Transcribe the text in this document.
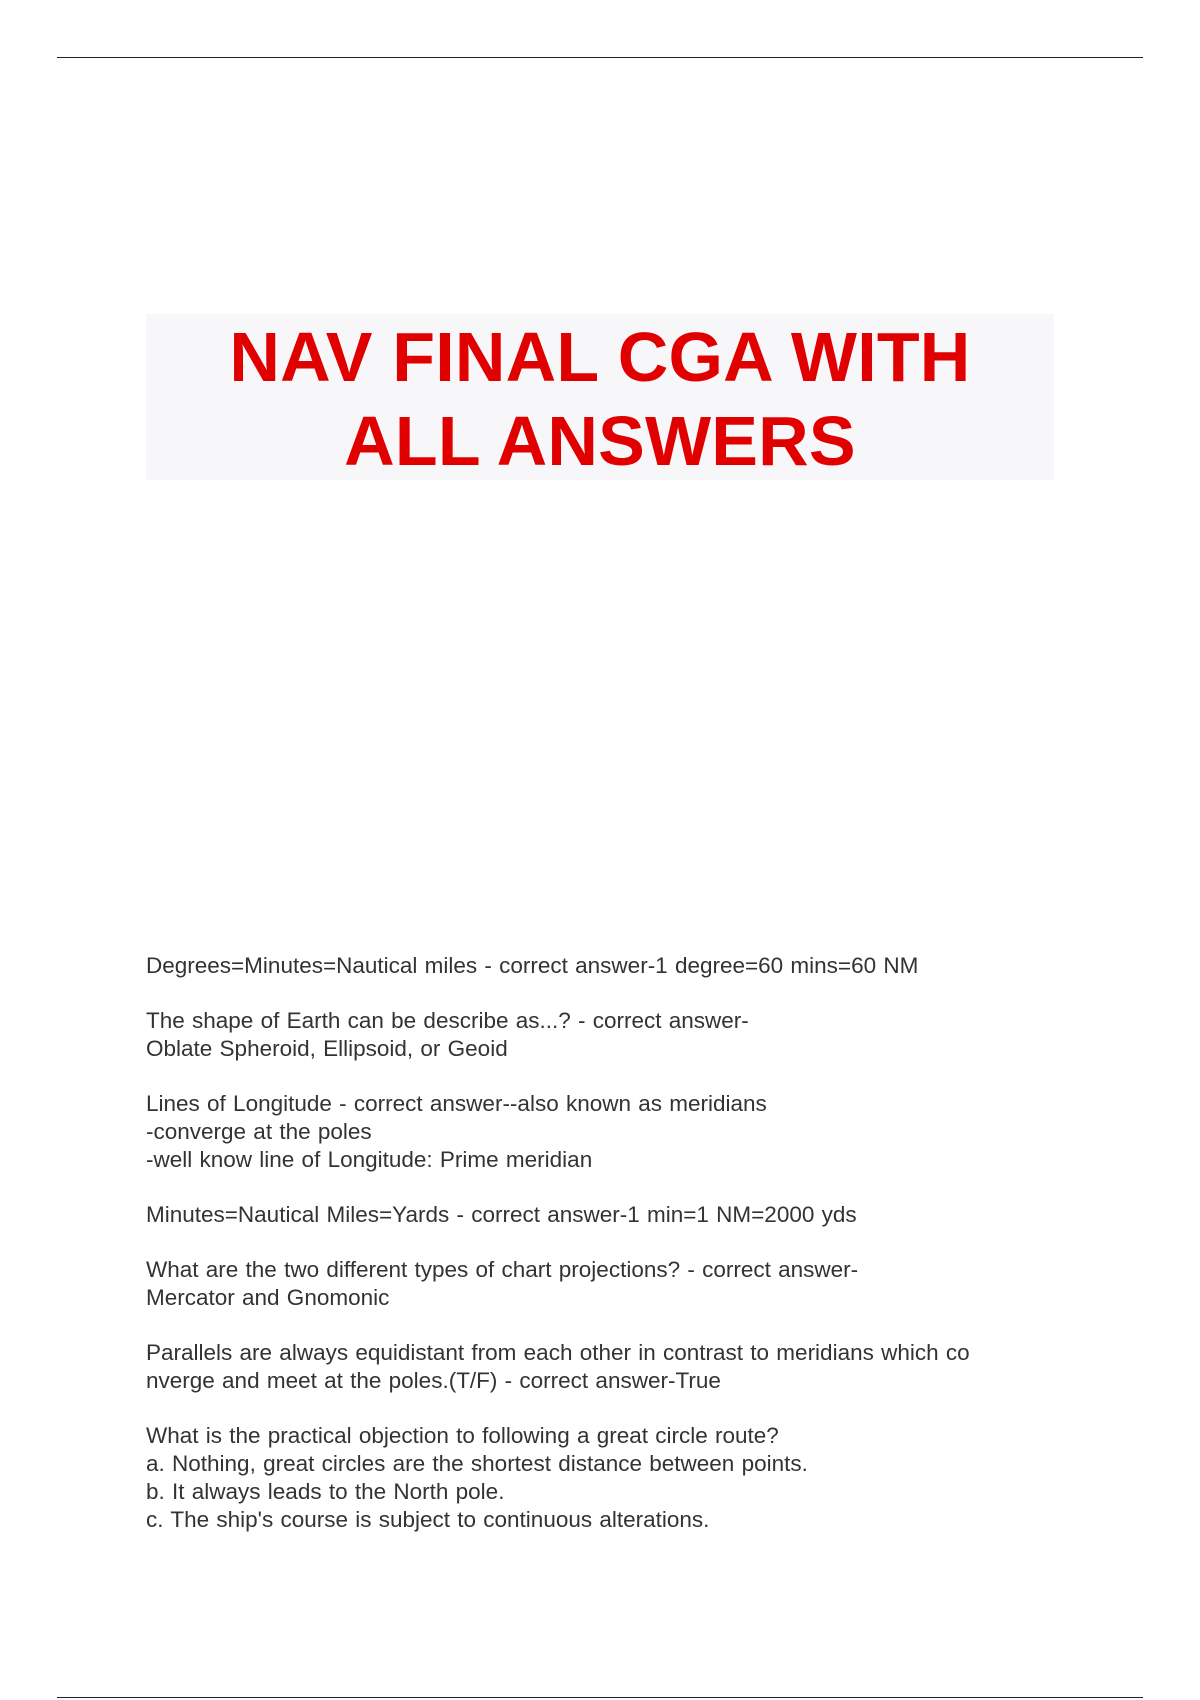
NAV FINAL CGA WITH
ALL ANSWERS
Degrees=Minutes=Nautical miles - correct answer-1 degree=60 mins=60 NM
The shape of Earth can be describe as...? - correct answer-
Oblate Spheroid, Ellipsoid, or Geoid
Lines of Longitude - correct answer--also known as meridians
-converge at the poles
-well know line of Longitude: Prime meridian
Minutes=Nautical Miles=Yards - correct answer-1 min=1 NM=2000 yds
What are the two different types of chart projections? - correct answer-
Mercator and Gnomonic
Parallels are always equidistant from each other in contrast to meridians which co
nverge and meet at the poles.(T/F) - correct answer-True
What is the practical objection to following a great circle route?
a. Nothing, great circles are the shortest distance between points.
b. It always leads to the North pole.
c. The ship's course is subject to continuous alterations.
